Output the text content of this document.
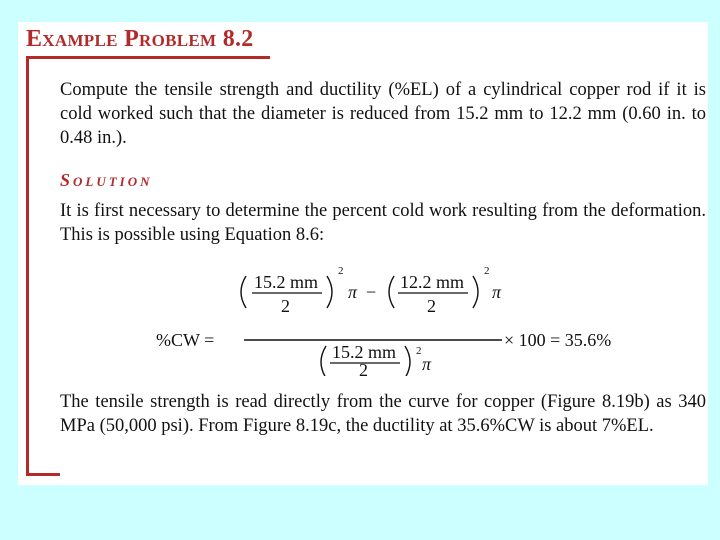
Example Problem 8.2

Compute the tensile strength and ductility (%EL) of a cylindrical copper rod if it is cold worked such that the diameter is reduced from 15.2 mm to 12.2 mm (0.60 in. to 0.48 in.).

Solution

It is first necessary to determine the percent cold work resulting from the deformation. This is possible using Equation 8.6:

%CW =
15.2 mm
2
2
π − 12.2 mm
2
2
π
15.2 mm
2
2
π
× 100 = 35.6%

The tensile strength is read directly from the curve for copper (Figure 8.19b) as 340 MPa (50,000 psi). From Figure 8.19c, the ductility at 35.6%CW is about 7%EL.
